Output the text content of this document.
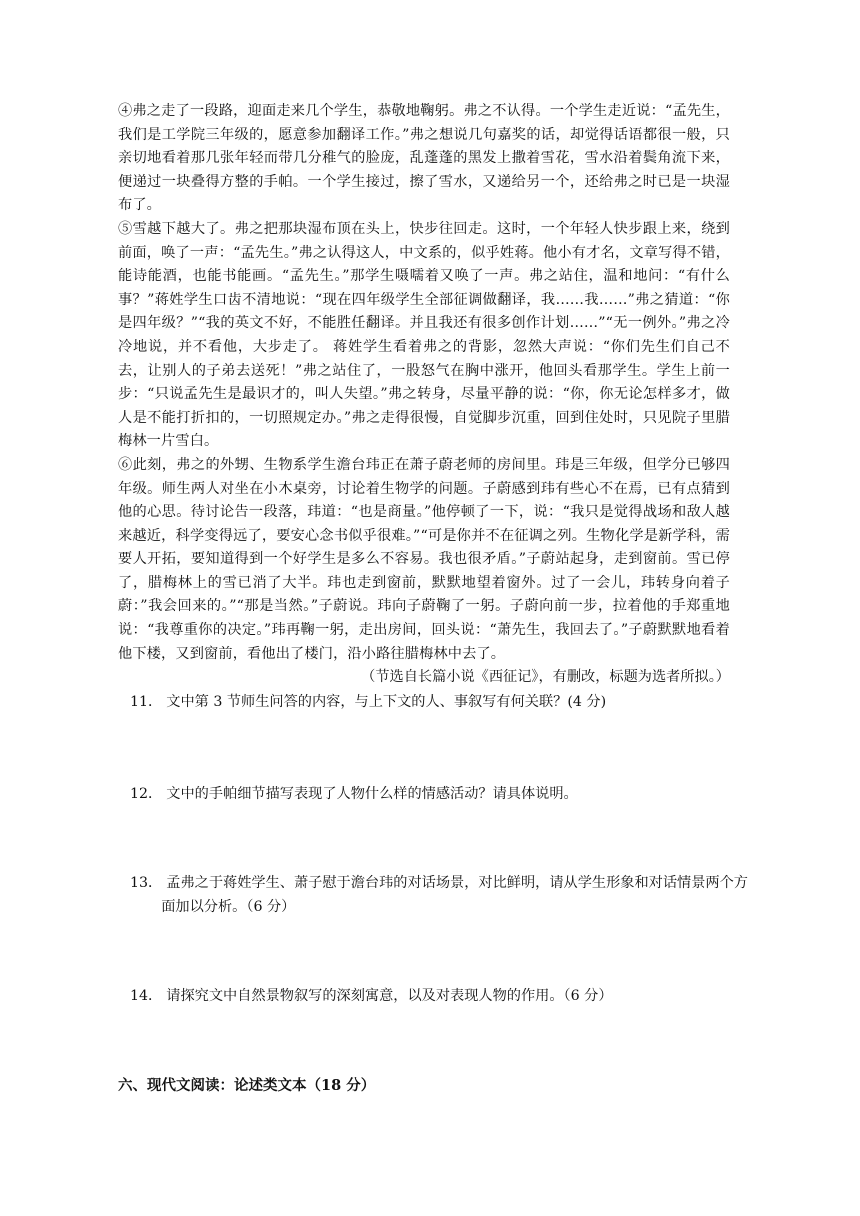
④弗之走了一段路，迎面走来几个学生，恭敬地鞠躬。弗之不认得。一个学生走近说：“孟先生，我们是工学院三年级的，愿意参加翻译工作。”弗之想说几句嘉奖的话，却觉得话语都很一般，只亲切地看着那几张年轻而带几分稚气的脸庞，乱蓬蓬的黑发上撒着雪花，雪水沿着鬓角流下来，便递过一块叠得方整的手帕。一个学生接过，擦了雪水，又递给另一个，还给弗之时已是一块湿布了。

⑤雪越下越大了。弗之把那块湿布顶在头上，快步往回走。这时，一个年轻人快步跟上来，绕到前面，唤了一声：“孟先生。”弗之认得这人，中文系的，似乎姓蒋。他小有才名，文章写得不错，能诗能酒，也能书能画。“孟先生。”那学生嗫嚅着又唤了一声。弗之站住，温和地问：“有什么事？”蒋姓学生口齿不清地说：“现在四年级学生全部征调做翻译，我……我……”弗之猜道：“你是四年级？”“我的英文不好，不能胜任翻译。并且我还有很多创作计划……”“无一例外。”弗之冷冷地说，并不看他，大步走了。 蒋姓学生看着弗之的背影，忽然大声说：“你们先生们自己不去，让别人的子弟去送死！”弗之站住了，一股怒气在胸中涨开，他回头看那学生。学生上前一步：“只说孟先生是最识才的，叫人失望。”弗之转身，尽量平静的说：“你，你无论怎样多才，做人是不能打折扣的，一切照规定办。”弗之走得很慢，自觉脚步沉重，回到住处时，只见院子里腊梅林一片雪白。

⑥此刻，弗之的外甥、生物系学生澹台玮正在萧子蔚老师的房间里。玮是三年级，但学分已够四年级。师生两人对坐在小木桌旁，讨论着生物学的问题。子蔚感到玮有些心不在焉，已有点猜到他的心思。待讨论告一段落，玮道：“也是商量。”他停顿了一下，说：“我只是觉得战场和敌人越来越近，科学变得远了，要安心念书似乎很难。”“可是你并不在征调之列。生物化学是新学科，需要人开拓，要知道得到一个好学生是多么不容易。我也很矛盾。”子蔚站起身，走到窗前。雪已停了，腊梅林上的雪已消了大半。玮也走到窗前，默默地望着窗外。过了一会儿，玮转身向着子蔚：”我会回来的。”“那是当然。”子蔚说。玮向子蔚鞠了一躬。子蔚向前一步，拉着他的手郑重地说：“我尊重你的决定。”玮再鞠一躬，走出房间，回头说：“萧先生，我回去了。”子蔚默默地看着他下楼，又到窗前，看他出了楼门，沿小路往腊梅林中去了。

（节选自长篇小说《西征记》，有删改，标题为选者所拟。）

11． 文中第 3 节师生问答的内容，与上下文的人、事叙写有何关联？(4 分)

12． 文中的手帕细节描写表现了人物什么样的情感活动？请具体说明。

13． 孟弗之于蒋姓学生、萧子慰于澹台玮的对话场景，对比鲜明，请从学生形象和对话情景两个方面加以分析。（6 分）

14． 请探究文中自然景物叙写的深刻寓意，以及对表现人物的作用。（6 分）

六、现代文阅读：论述类文本（18 分）
